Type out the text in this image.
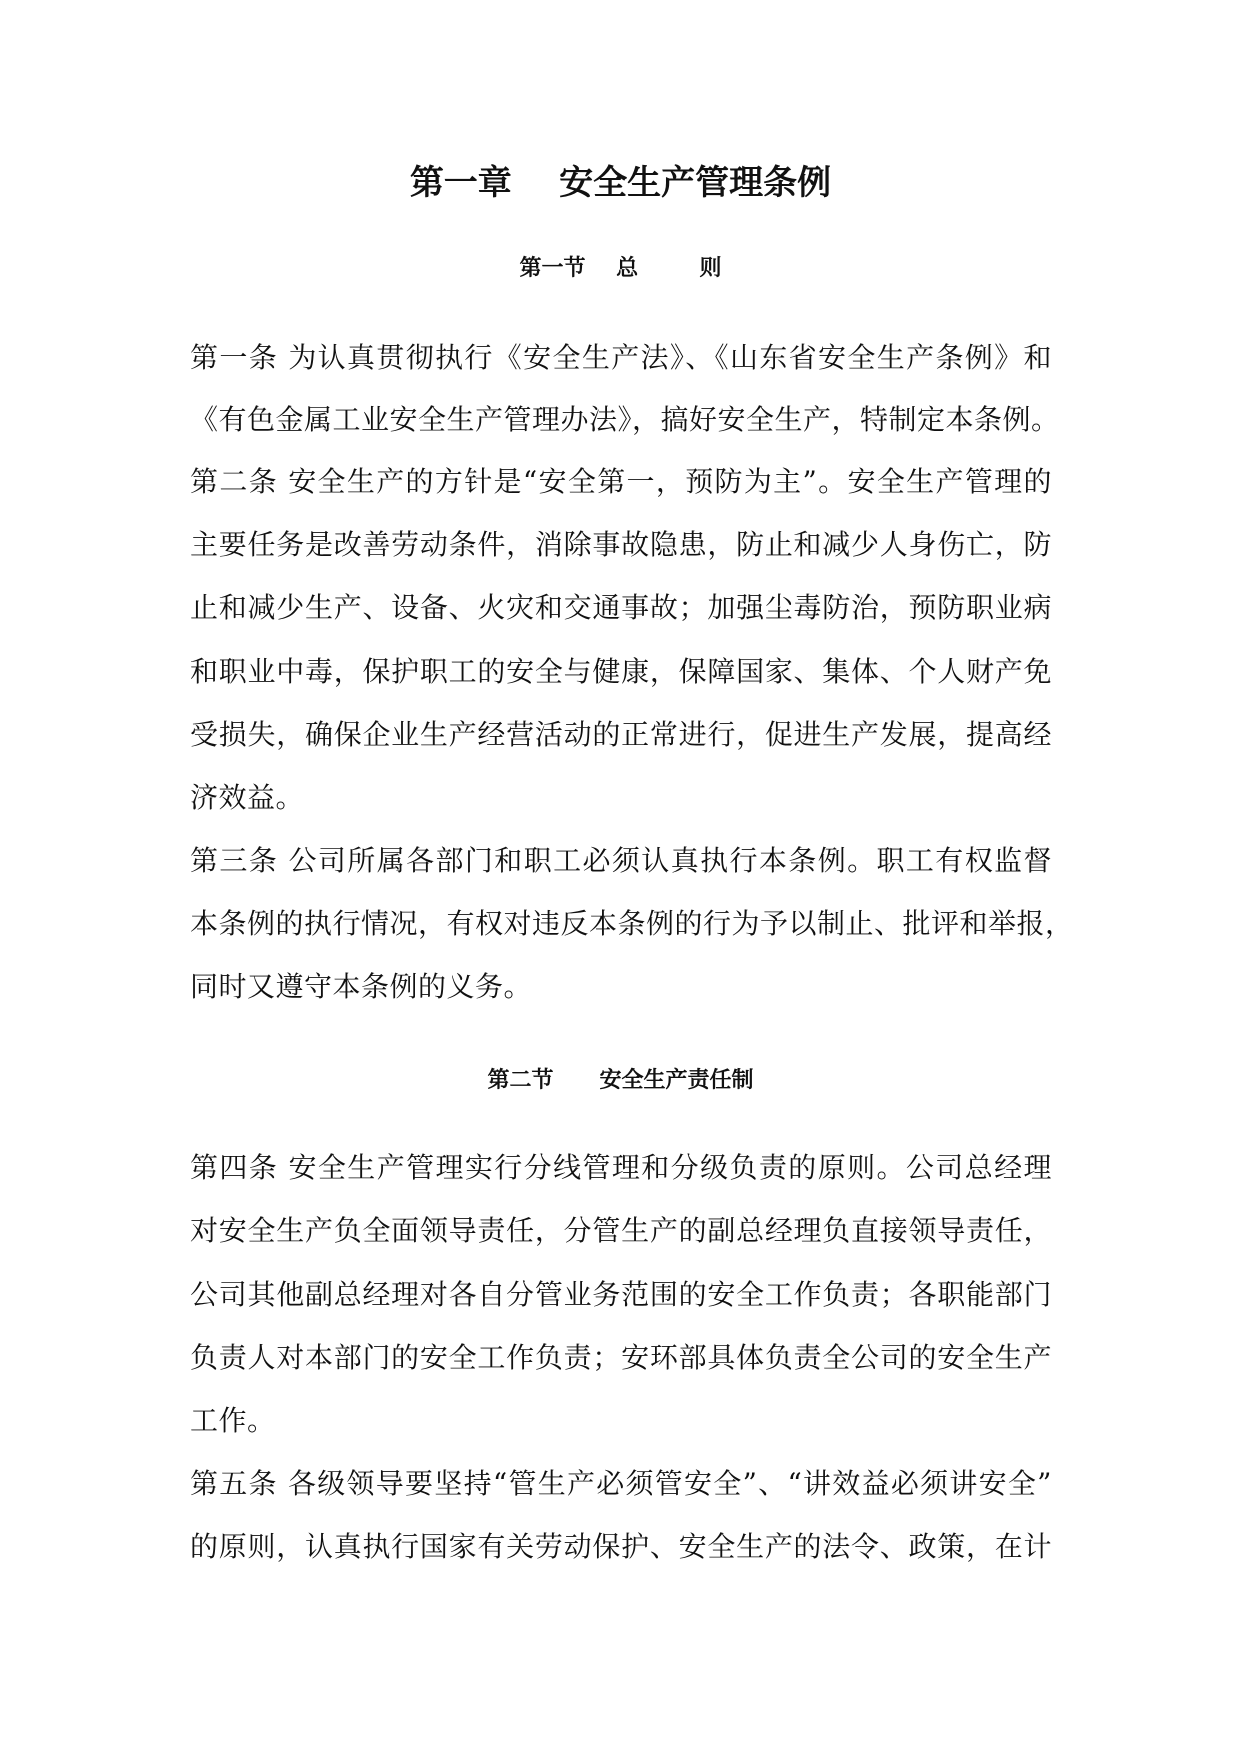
第一章    安全生产管理条例
第一节    总        则
第一条 为认真贯彻执行《安全生产法》、《山东省安全生产条例》和
《有色金属工业安全生产管理办法》，搞好安全生产，特制定本条例。
第二条 安全生产的方针是“安全第一，预防为主”。安全生产管理的
主要任务是改善劳动条件，消除事故隐患，防止和减少人身伤亡，防
止和减少生产、设备、火灾和交通事故；加强尘毒防治，预防职业病
和职业中毒，保护职工的安全与健康，保障国家、集体、个人财产免
受损失，确保企业生产经营活动的正常进行，促进生产发展，提高经
济效益。
第三条 公司所属各部门和职工必须认真执行本条例。职工有权监督
本条例的执行情况，有权对违反本条例的行为予以制止、批评和举报，
同时又遵守本条例的义务。
第二节      安全生产责任制
第四条 安全生产管理实行分线管理和分级负责的原则。公司总经理
对安全生产负全面领导责任，分管生产的副总经理负直接领导责任，
公司其他副总经理对各自分管业务范围的安全工作负责；各职能部门
负责人对本部门的安全工作负责；安环部具体负责全公司的安全生产
工作。
第五条 各级领导要坚持“管生产必须管安全”、“讲效益必须讲安全”
的原则，认真执行国家有关劳动保护、安全生产的法令、政策，在计
